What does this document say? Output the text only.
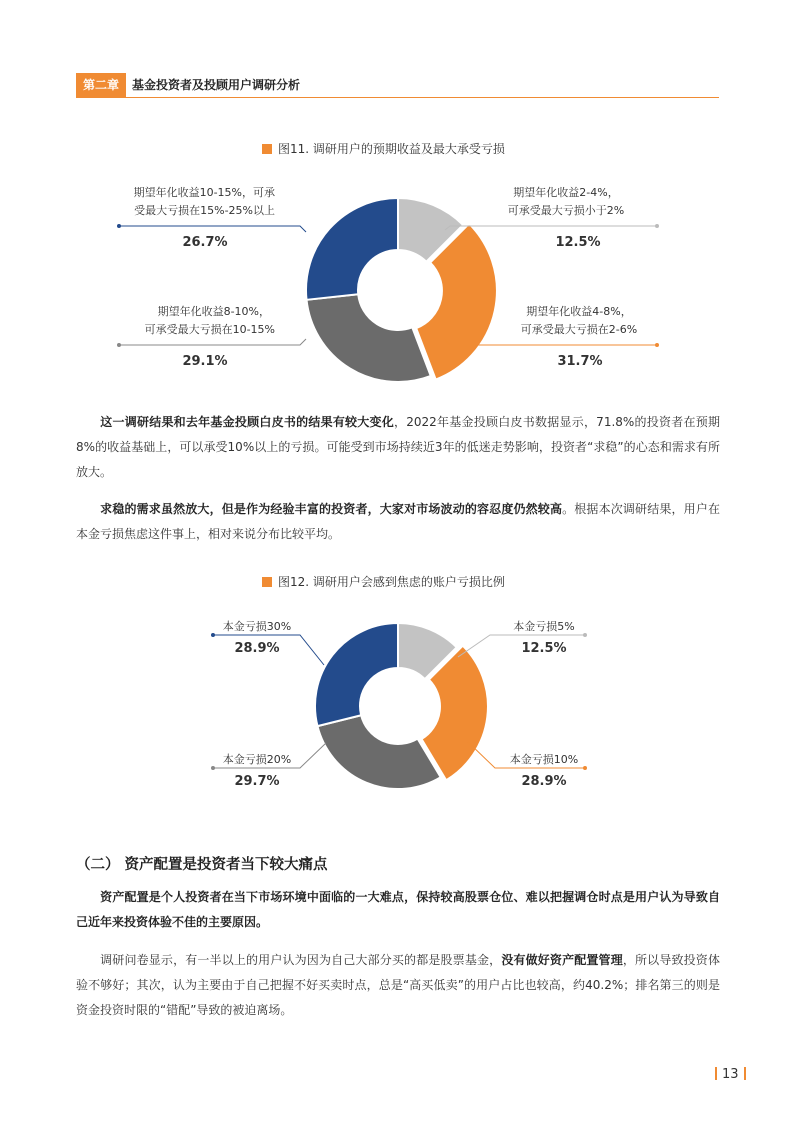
第二章	基金投资者及投顾用户调研分析
图11. 调研用户的预期收益及最大承受亏损
期望年化收益10-15%，可承
受最大亏损在15%-25%以上
26.7%
期望年化收益2-4%，
可承受最大亏损小于2%
12.5%
期望年化收益8-10%，
可承受最大亏损在10-15%
29.1%
期望年化收益4-8%，
可承受最大亏损在2-6%
31.7%

这一调研结果和去年基金投顾白皮书的结果有较大变化，2022年基金投顾白皮书数据显示，71.8%的投资者在预期8%的收益基础上，可以承受10%以上的亏损。可能受到市场持续近3年的低迷走势影响，投资者“求稳”的心态和需求有所放大。

求稳的需求虽然放大，但是作为经验丰富的投资者，大家对市场波动的容忍度仍然较高。根据本次调研结果，用户在本金亏损焦虑这件事上，相对来说分布比较平均。

图12. 调研用户会感到焦虑的账户亏损比例
本金亏损30%
28.9%
本金亏损5%
12.5%
本金亏损20%
29.7%
本金亏损10%
28.9%
（二） 资产配置是投资者当下较大痛点

资产配置是个人投资者在当下市场环境中面临的一大难点，保持较高股票仓位、难以把握调仓时点是用户认为导致自己近年来投资体验不佳的主要原因。

调研问卷显示，有一半以上的用户认为因为自己大部分买的都是股票基金，没有做好资产配置管理，所以导致投资体验不够好；其次，认为主要由于自己把握不好买卖时点，总是“高买低卖”的用户占比也较高，约40.2%；排名第三的则是资金投资时限的“错配”导致的被迫离场。

13
